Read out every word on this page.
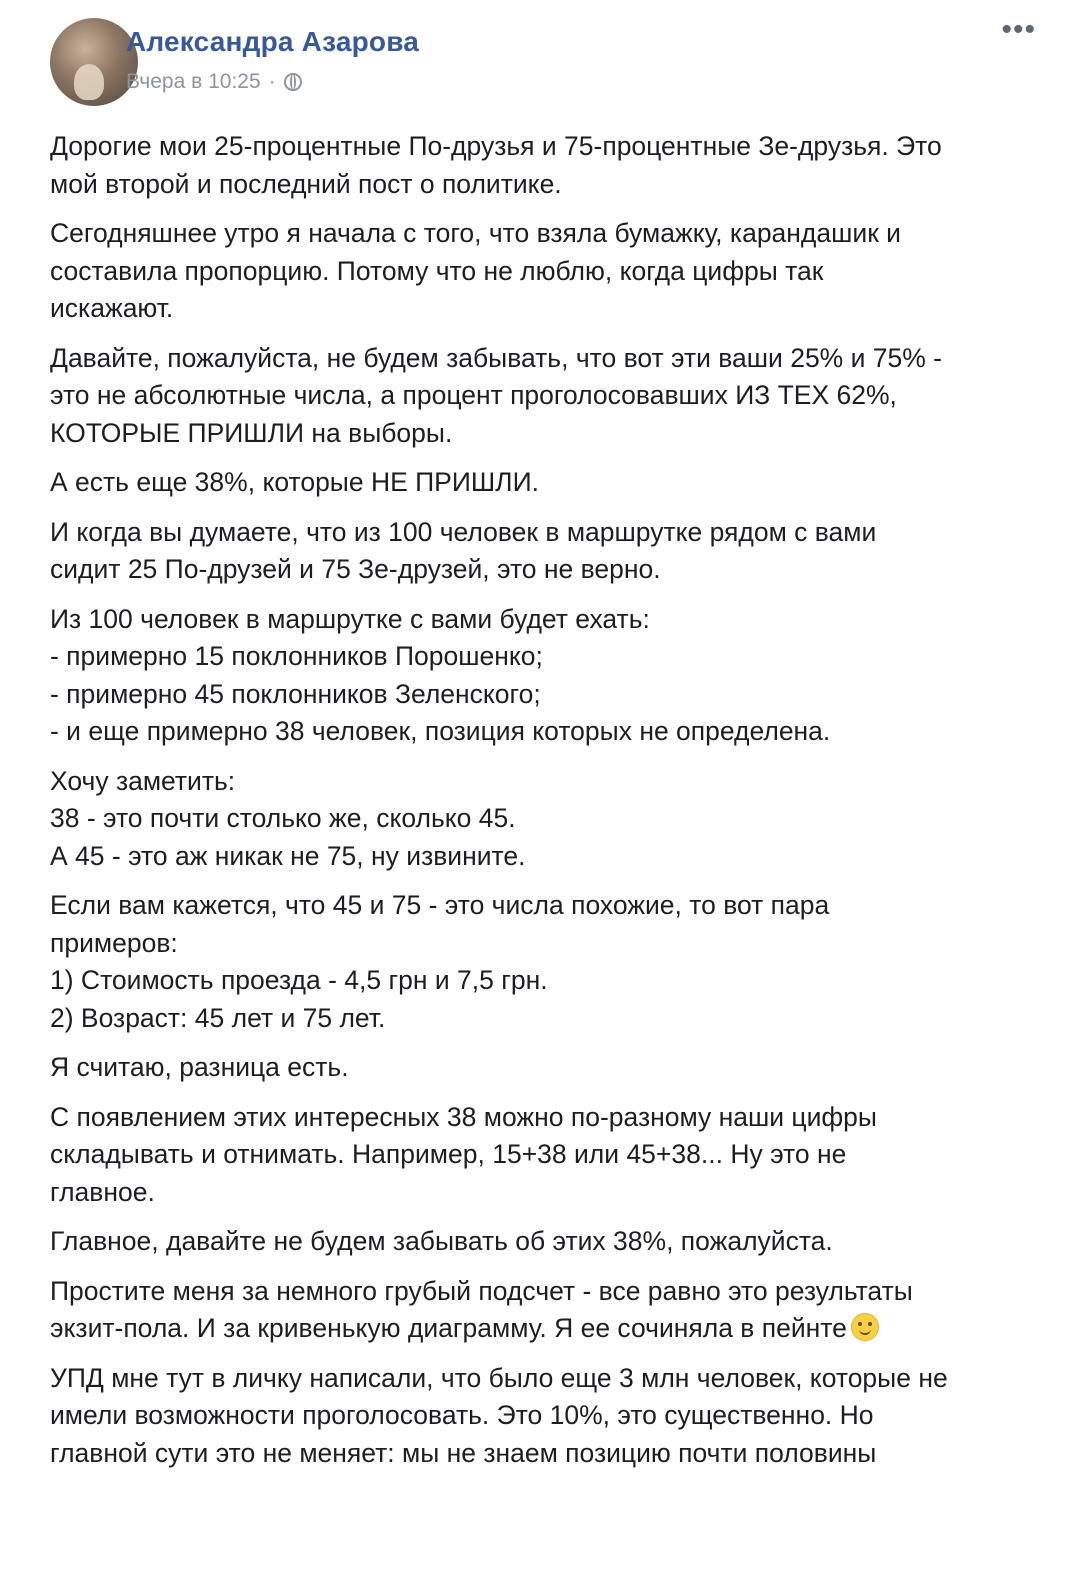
Александра Азарова
Вчера в 10:25 ·
•••

Дорогие мои 25-процентные По-друзья и 75-процентные Зе-друзья. Это
мой второй и последний пост о политике.

Сегодняшнее утро я начала с того, что взяла бумажку, карандашик и
составила пропорцию. Потому что не люблю, когда цифры так
искажают.

Давайте, пожалуйста, не будем забывать, что вот эти ваши 25% и 75% -
это не абсолютные числа, а процент проголосовавших ИЗ ТЕХ 62%,
КОТОРЫЕ ПРИШЛИ на выборы.

А есть еще 38%, которые НЕ ПРИШЛИ.

И когда вы думаете, что из 100 человек в маршрутке рядом с вами
сидит 25 По-друзей и 75 Зе-друзей, это не верно.

Из 100 человек в маршрутке с вами будет ехать:
- примерно 15 поклонников Порошенко;
- примерно 45 поклонников Зеленского;
- и еще примерно 38 человек, позиция которых не определена.

Хочу заметить:
38 - это почти столько же, сколько 45.
А 45 - это аж никак не 75, ну извините.

Если вам кажется, что 45 и 75 - это числа похожие, то вот пара
примеров:
1) Стоимость проезда - 4,5 грн и 7,5 грн.
2) Возраст: 45 лет и 75 лет.

Я считаю, разница есть.

С появлением этих интересных 38 можно по-разному наши цифры
складывать и отнимать. Например, 15+38 или 45+38... Ну это не
главное.

Главное, давайте не будем забывать об этих 38%, пожалуйста.

Простите меня за немного грубый подсчет - все равно это результаты
экзит-пола. И за кривенькую диаграмму. Я ее сочиняла в пейнте

УПД мне тут в личку написали, что было еще 3 млн человек, которые не
имели возможности проголосовать. Это 10%, это существенно. Но
главной сути это не меняет: мы не знаем позицию почти половины
